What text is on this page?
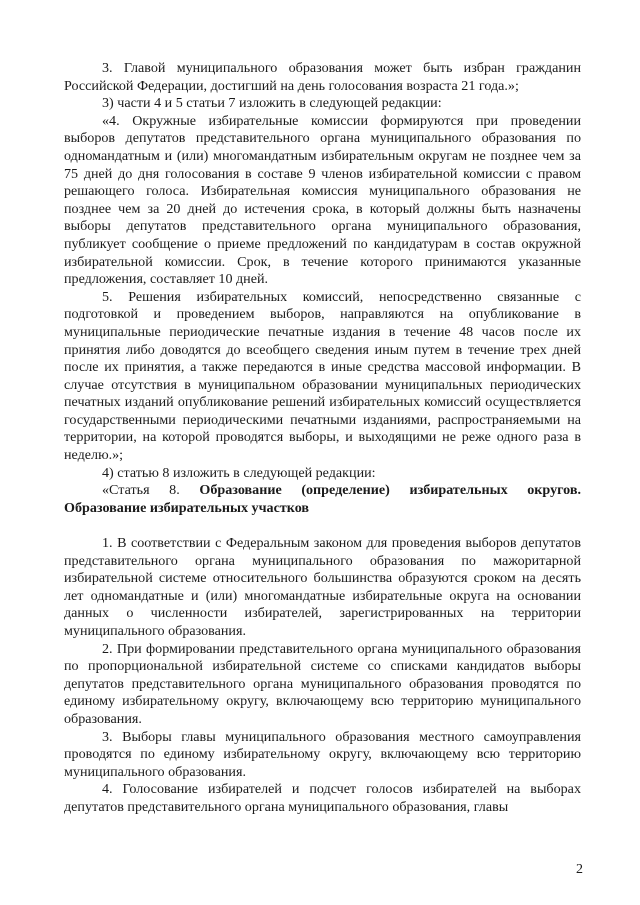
3. Главой муниципального образования может быть избран гражданин Российской Федерации, достигший на день голосования возраста 21 года.»;

3) части 4 и 5 статьи 7 изложить в следующей редакции:

«4. Окружные избирательные комиссии формируются при проведении выборов депутатов представительного органа муниципального образования по одномандатным и (или) многомандатным избирательным округам не позднее чем за 75 дней до дня голосования в составе 9 членов избирательной комиссии с правом решающего голоса. Избирательная комиссия муниципального образования не позднее чем за 20 дней до истечения срока, в который должны быть назначены выборы депутатов представительного органа муниципального образования, публикует сообщение о приеме предложений по кандидатурам в состав окружной избирательной комиссии. Срок, в течение которого принимаются указанные предложения, составляет 10 дней.

5. Решения избирательных комиссий, непосредственно связанные с подготовкой и проведением выборов, направляются на опубликование в муниципальные периодические печатные издания в течение 48 часов после их принятия либо доводятся до всеобщего сведения иным путем в течение трех дней после их принятия, а также передаются в иные средства массовой информации. В случае отсутствия в муниципальном образовании муниципальных периодических печатных изданий опубликование решений избирательных комиссий осуществляется государственными периодическими печатными изданиями, распространяемыми на территории, на которой проводятся выборы, и выходящими не реже одного раза в неделю.»;

4) статью 8 изложить в следующей редакции:

«Статья 8. Образование (определение) избирательных округов. Образование избирательных участков

1. В соответствии с Федеральным законом для проведения выборов депутатов представительного органа муниципального образования по мажоритарной избирательной системе относительного большинства образуются сроком на десять лет одномандатные и (или) многомандатные избирательные округа на основании данных о численности избирателей, зарегистрированных на территории муниципального образования.

2. При формировании представительного органа муниципального образования по пропорциональной избирательной системе со списками кандидатов выборы депутатов представительного органа муниципального образования проводятся по единому избирательному округу, включающему всю территорию муниципального образования.

3. Выборы главы муниципального образования местного самоуправления проводятся по единому избирательному округу, включающему всю территорию муниципального образования.

4. Голосование избирателей и подсчет голосов избирателей на выборах депутатов представительного органа муниципального образования, главы

2
